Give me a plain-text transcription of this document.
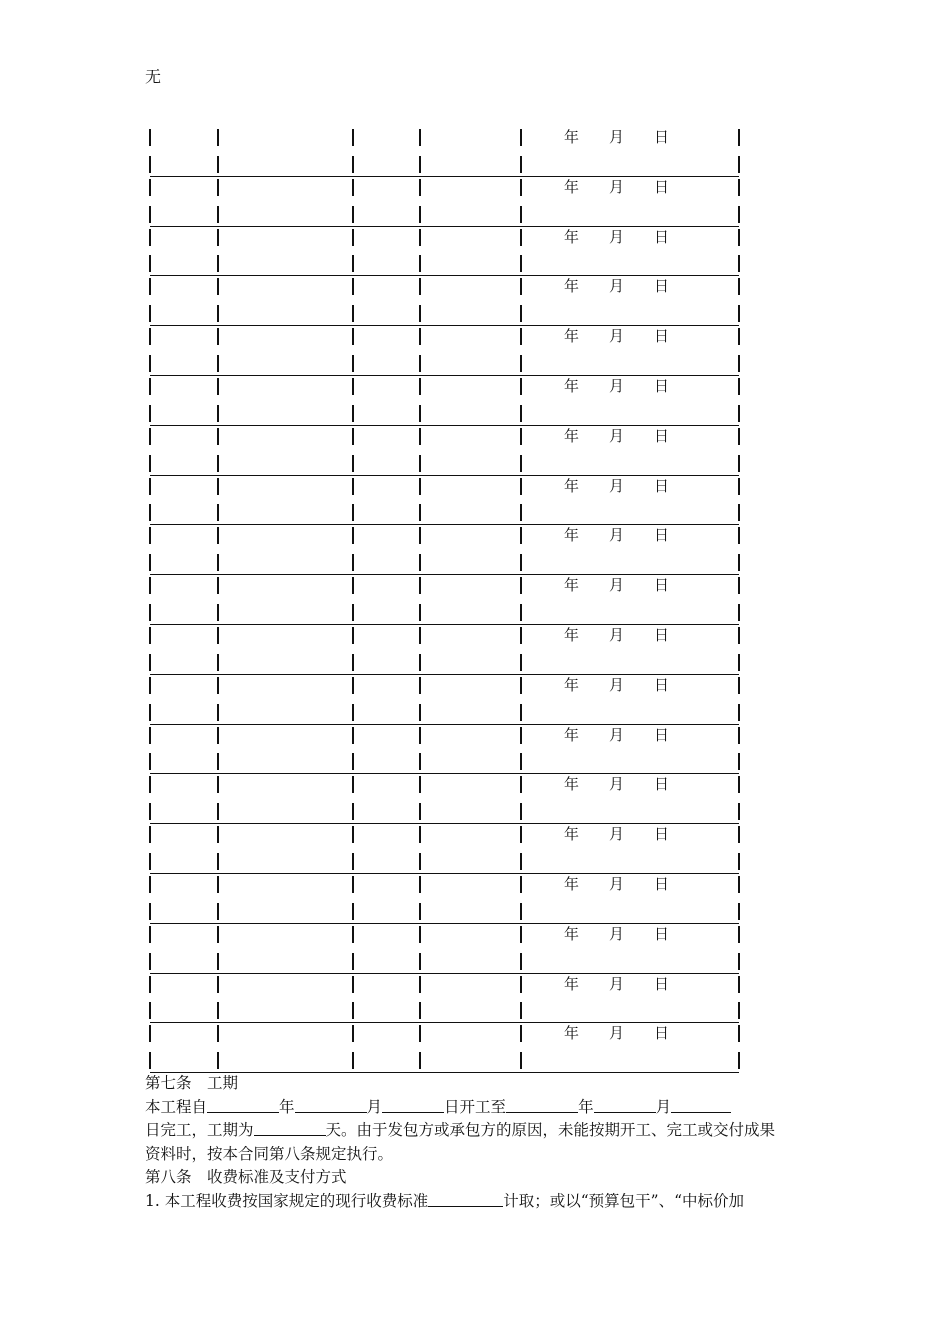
无
年　　月　　日
年　　月　　日
年　　月　　日
年　　月　　日
年　　月　　日
年　　月　　日
年　　月　　日
年　　月　　日
年　　月　　日
年　　月　　日
年　　月　　日
年　　月　　日
年　　月　　日
年　　月　　日
年　　月　　日
年　　月　　日
年　　月　　日
年　　月　　日
年　　月　　日

第七条　工期

本工程自	年	月	日开工至	年	月

日完工，工期为	天。由于发包方或承包方的原因，未能按期开工、完工或交付成果

资料时，按本合同第八条规定执行。

第八条　收费标准及支付方式

1. 本工程收费按国家规定的现行收费标准	计取；或以“预算包干”、“中标价加
